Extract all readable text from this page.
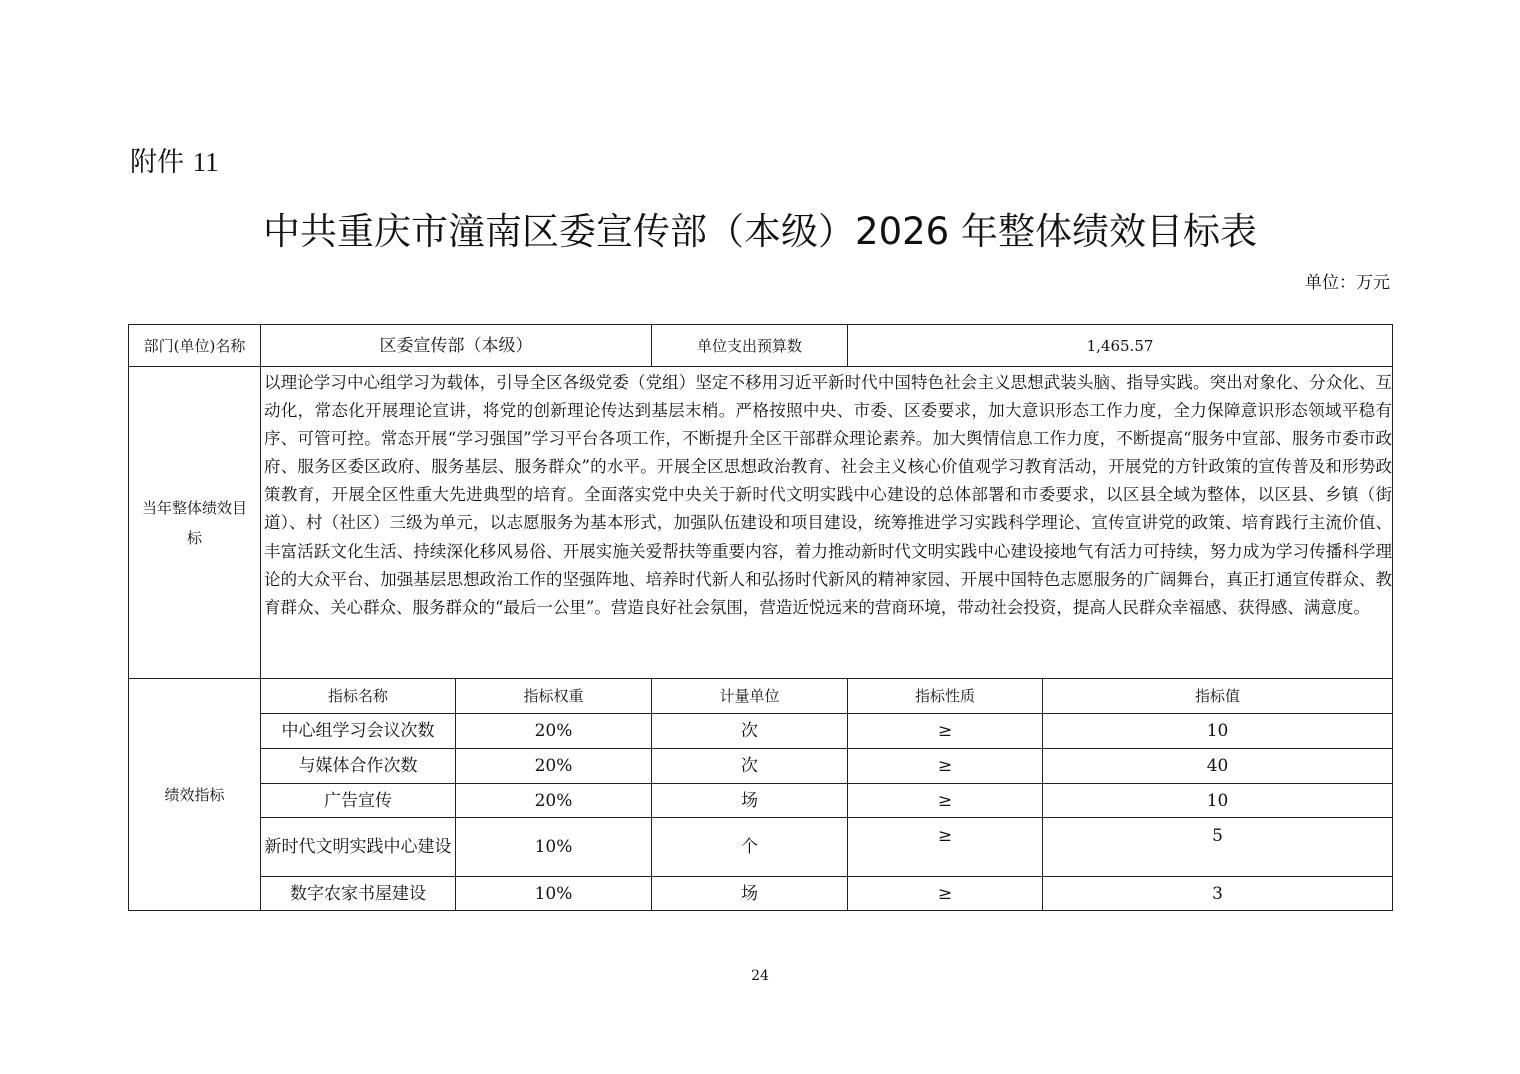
附件 11
中共重庆市潼南区委宣传部（本级）2026 年整体绩效目标表
单位：万元
部门(单位)名称	区委宣传部（本级）		单位支出预算数	1,465.57	
当年整体绩效目标	以理论学习中心组学习为载体，引导全区各级党委（党组）坚定不移用习近平新时代中国特色社会主义思想武装头脑、指导实践。突出对象化、分众化、互动化，常态化开展理论宣讲，将党的创新理论传达到基层末梢。严格按照中央、市委、区委要求，加大意识形态工作力度，全力保障意识形态领域平稳有序、可管可控。常态开展“学习强国”学习平台各项工作，不断提升全区干部群众理论素养。加大舆情信息工作力度，不断提高“服务中宣部、服务市委市政府、服务区委区政府、服务基层、服务群众”的水平。开展全区思想政治教育、社会主义核心价值观学习教育活动，开展党的方针政策的宣传普及和形势政策教育，开展全区性重大先进典型的培育。全面落实党中央关于新时代文明实践中心建设的总体部署和市委要求，以区县全域为整体，以区县、乡镇（街道）、村（社区）三级为单元，以志愿服务为基本形式，加强队伍建设和项目建设，统筹推进学习实践科学理论、宣传宣讲党的政策、培育践行主流价值、丰富活跃文化生活、持续深化移风易俗、开展实施关爱帮扶等重要内容，着力推动新时代文明实践中心建设接地气有活力可持续，努力成为学习传播科学理论的大众平台、加强基层思想政治工作的坚强阵地、培养时代新人和弘扬时代新风的精神家园、开展中国特色志愿服务的广阔舞台，真正打通宣传群众、教育群众、关心群众、服务群众的“最后一公里”。营造良好社会氛围，营造近悦远来的营商环境，带动社会投资，提高人民群众幸福感、获得感、满意度。				
绩效指标	指标名称	指标权重	计量单位	指标性质	指标值
	中心组学习会议次数	20%	次	≥	10
	与媒体合作次数	20%	次	≥	40
	广告宣传	20%	场	≥	10
	新时代文明实践中心建设	10%	个	≥	5
	数字农家书屋建设	10%	场	≥	3
24
